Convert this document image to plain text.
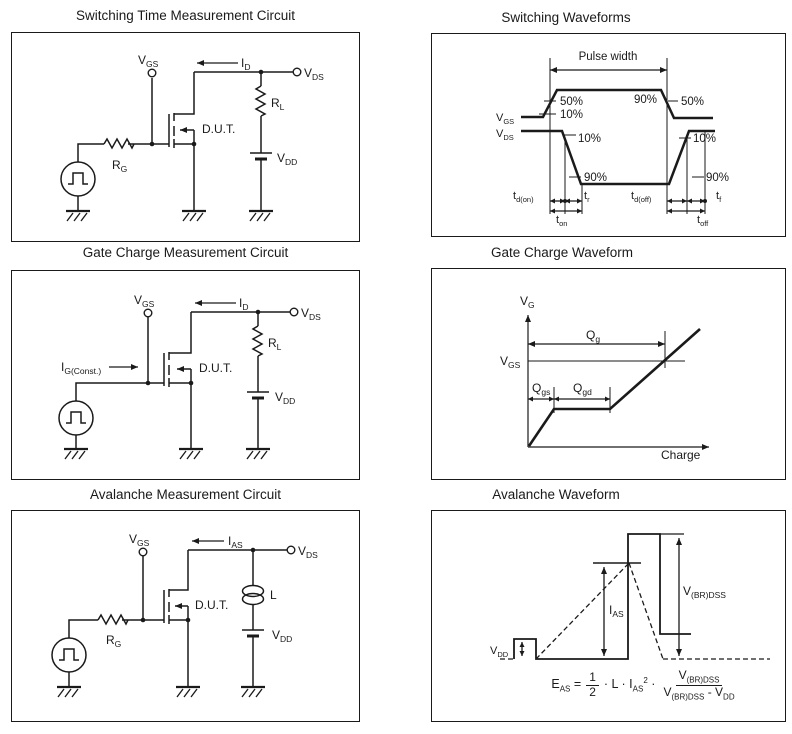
Switching Time Measurement Circuit	Switching Waveforms
Gate Charge Measurement Circuit	Gate Charge Waveform
Avalanche Measurement Circuit	Avalanche Waveform
$V_{GS}$	$I_D$	$V_{DS}$
$R_L$
$R_G$
$V_{DD}$
D.U.T.
Pulse width
50%
10%
90% 50%
10%
90%
10%
90%
$V_{GS}$
$V_{DS}$
$t_{d(on)}$	$t_r$	$t_{d(off)}$	$t_f$
$t_{on}$	$t_{off}$
$V_{GS}$	$I_D$	$V_{DS}$
$R_L$
$V_{DD}$
$I_{G(Const.)}$	D.U.T.
$V_G$
$V_{GS}$
$Q_g$
$Q_{gs}$ $Q_{gd}$
Charge
$V_{GS}$	$I_{AS}$	$V_{DS}$
L
$V_{DD}$
$R_G$
D.U.T.
$V_{DD}$
$I_{AS}$
$V_{(BR)DSS}$
$E_{AS} = \frac{1}{2} \cdot L \cdot I_{AS}^2 \cdot \frac{V_{(BR)DSS}}{V_{(BR)DSS} - V_{DD}}$
